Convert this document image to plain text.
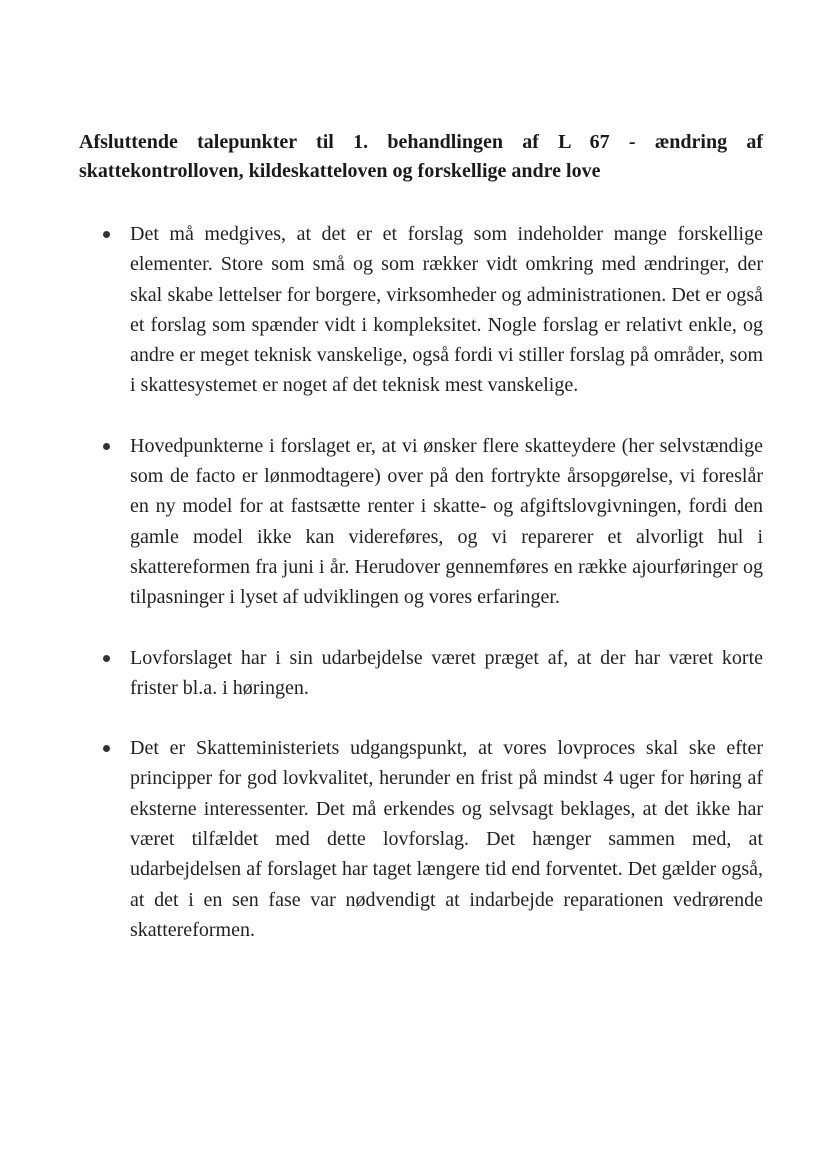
Afsluttende talepunkter til 1. behandlingen af L 67 - ændring af skattekontrolloven, kildeskatteloven og forskellige andre love
Det må medgives, at det er et forslag som indeholder mange forskellige elementer. Store som små og som rækker vidt omkring med ændringer, der skal skabe lettelser for borgere, virksomheder og administrationen. Det er også et forslag som spænder vidt i kompleksitet. Nogle forslag er relativt enkle, og andre er meget teknisk vanskelige, også fordi vi stiller forslag på områder, som i skattesystemet er noget af det teknisk mest vanskelige.
Hovedpunkterne i forslaget er, at vi ønsker flere skatteydere (her selvstændige som de facto er lønmodtagere) over på den fortrykte årsopgørelse, vi foreslår en ny model for at fastsætte renter i skatte- og afgiftslovgivningen, fordi den gamle model ikke kan videreføres, og vi reparerer et alvorligt hul i skattereformen fra juni i år. Herudover gennemføres en række ajourføringer og tilpasninger i lyset af udviklingen og vores erfaringer.
Lovforslaget har i sin udarbejdelse været præget af, at der har været korte frister bl.a. i høringen.
Det er Skatteministeriets udgangspunkt, at vores lovproces skal ske efter principper for god lovkvalitet, herunder en frist på mindst 4 uger for høring af eksterne interessenter. Det må erkendes og selvsagt beklages, at det ikke har været tilfældet med dette lovforslag. Det hænger sammen med, at udarbejdelsen af forslaget har taget længere tid end forventet. Det gælder også, at det i en sen fase var nødvendigt at indarbejde reparationen vedrørende skattereformen.
